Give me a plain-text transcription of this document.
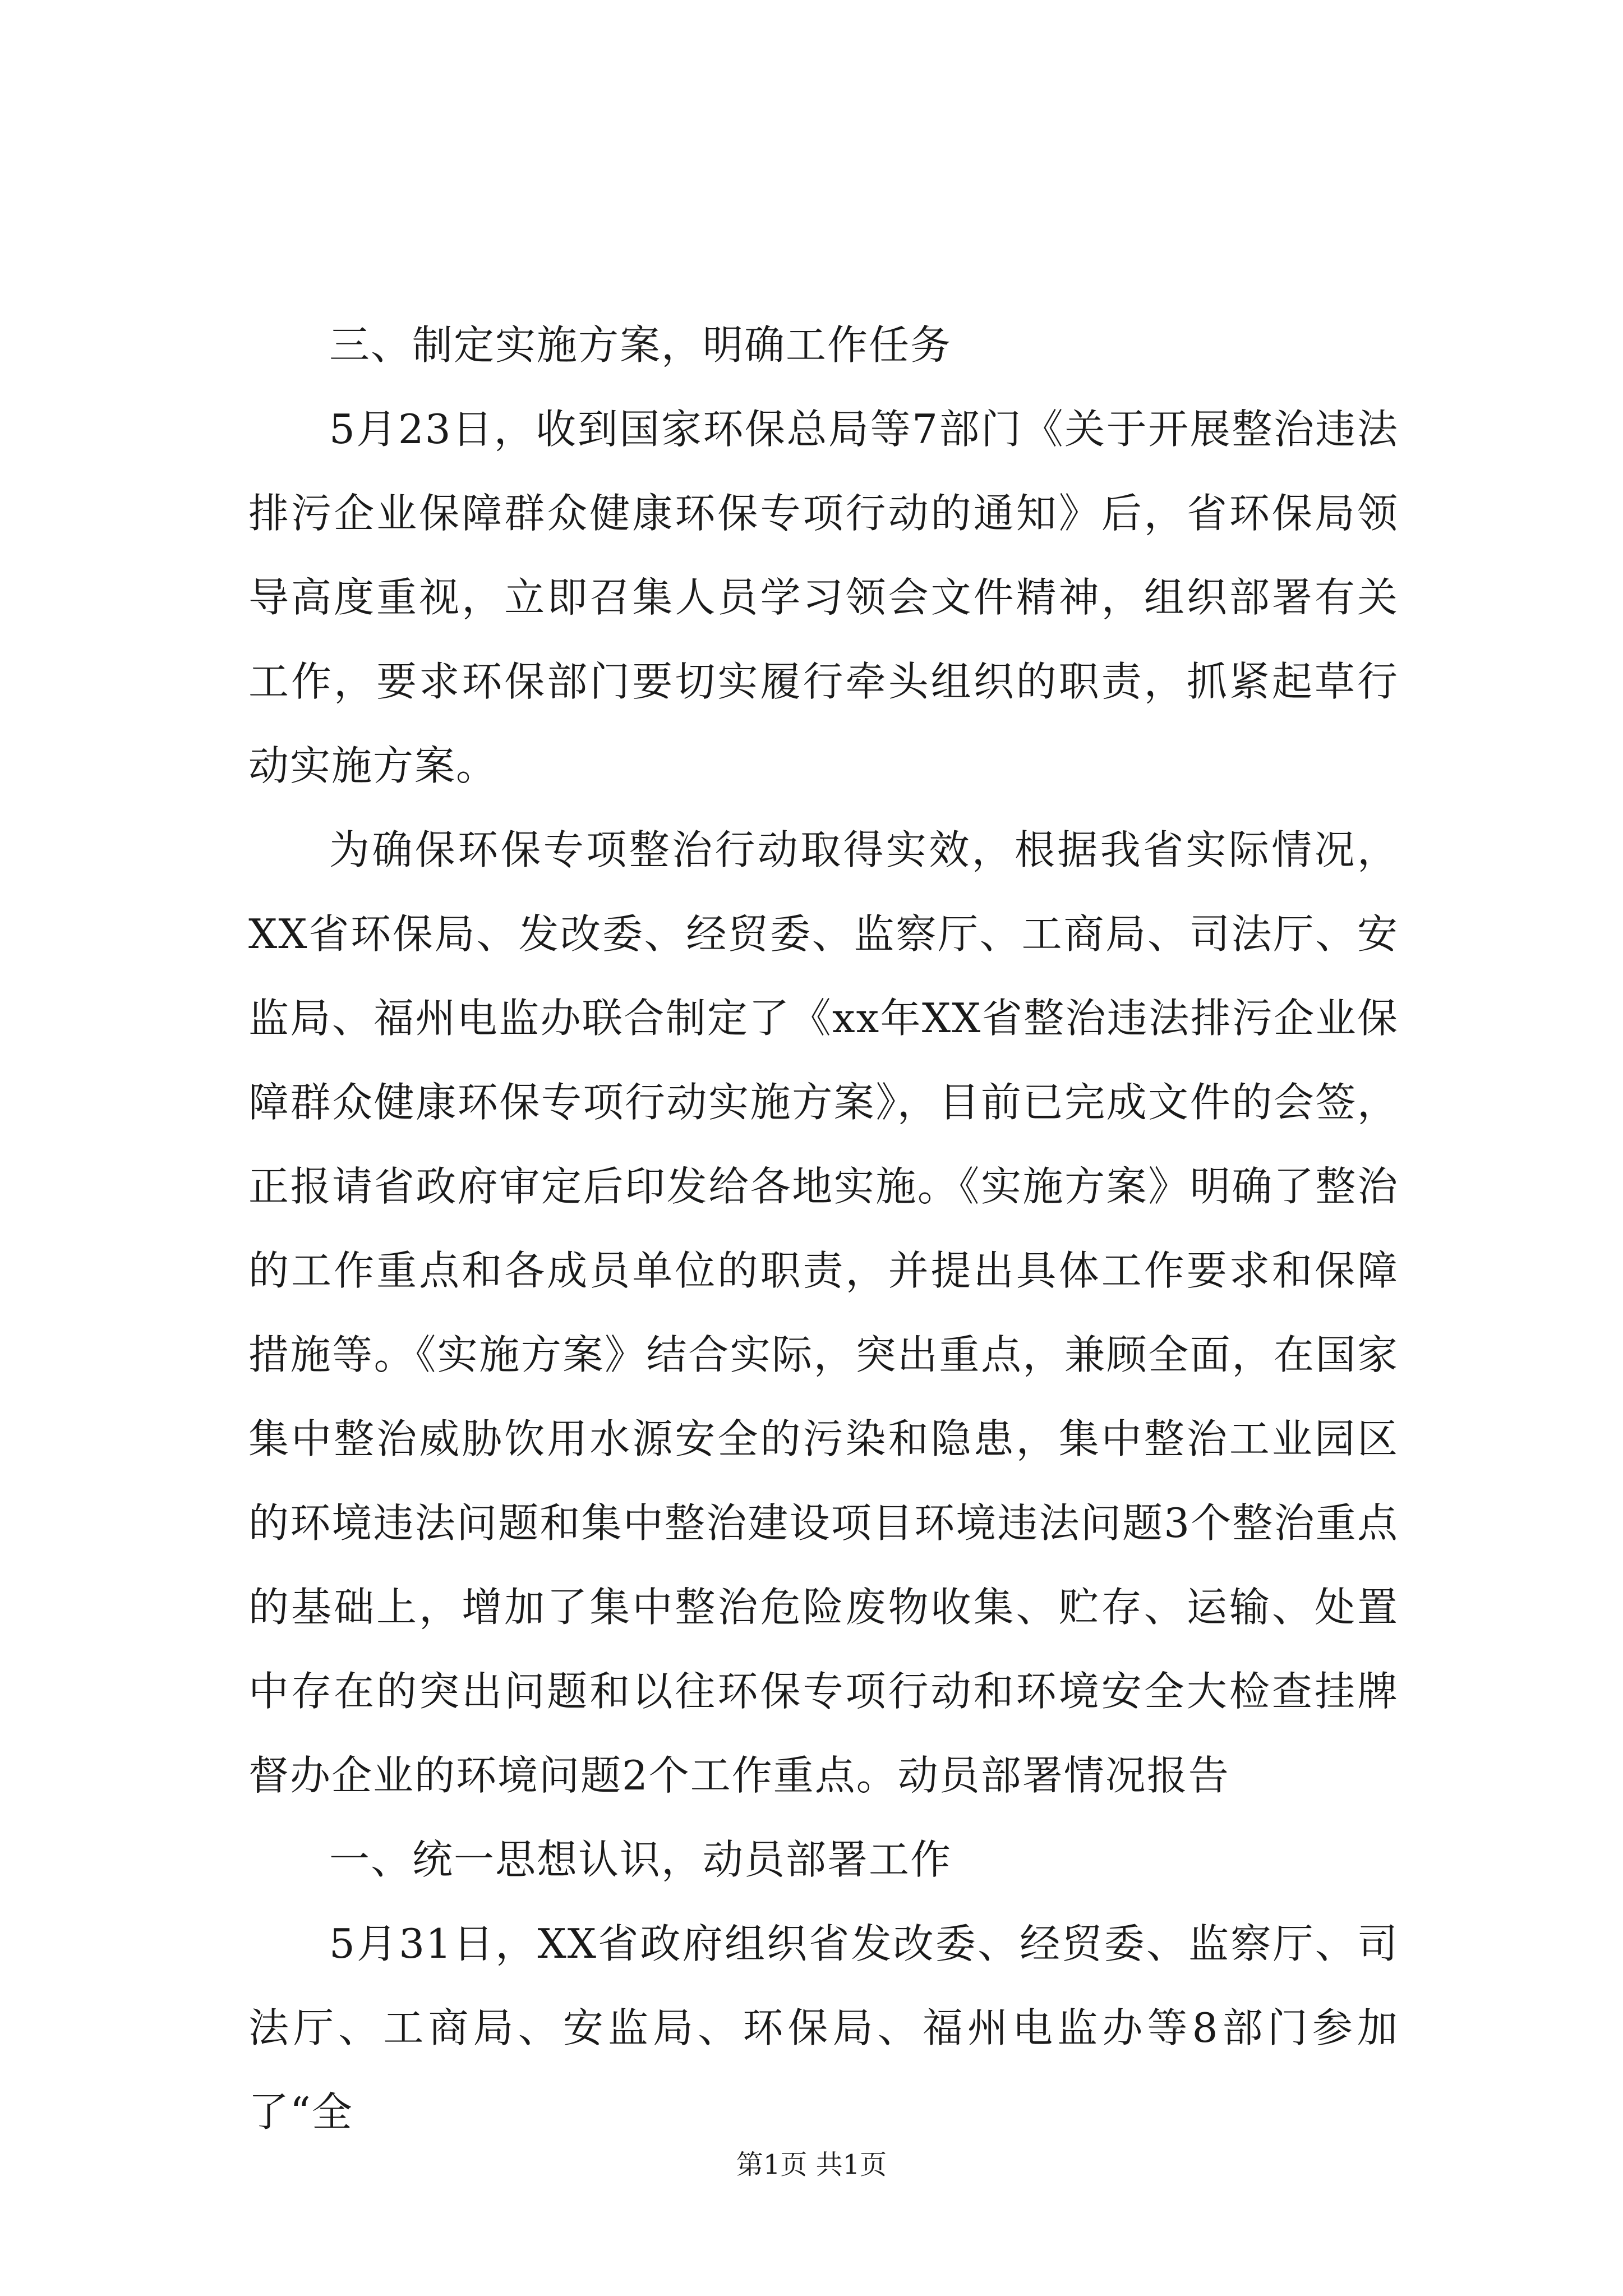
三、制定实施方案，明确工作任务

5月23日，收到国家环保总局等7部门《关于开展整治违法排污企业保障群众健康环保专项行动的通知》后，省环保局领导高度重视，立即召集人员学习领会文件精神，组织部署有关工作，要求环保部门要切实履行牵头组织的职责，抓紧起草行动实施方案。

为确保环保专项整治行动取得实效，根据我省实际情况，XX省环保局、发改委、经贸委、监察厅、工商局、司法厅、安监局、福州电监办联合制定了《xx年XX省整治违法排污企业保障群众健康环保专项行动实施方案》，目前已完成文件的会签，正报请省政府审定后印发给各地实施。《实施方案》明确了整治的工作重点和各成员单位的职责，并提出具体工作要求和保障措施等。《实施方案》结合实际，突出重点，兼顾全面，在国家集中整治威胁饮用水源安全的污染和隐患，集中整治工业园区的环境违法问题和集中整治建设项目环境违法问题3个整治重点的基础上，增加了集中整治危险废物收集、贮存、运输、处置中存在的突出问题和以往环保专项行动和环境安全大检查挂牌督办企业的环境问题2个工作重点。动员部署情况报告

一、统一思想认识，动员部署工作

5月31日，XX省政府组织省发改委、经贸委、监察厅、司法厅、工商局、安监局、环保局、福州电监办等8部门参加了“全

第1页 共1页
